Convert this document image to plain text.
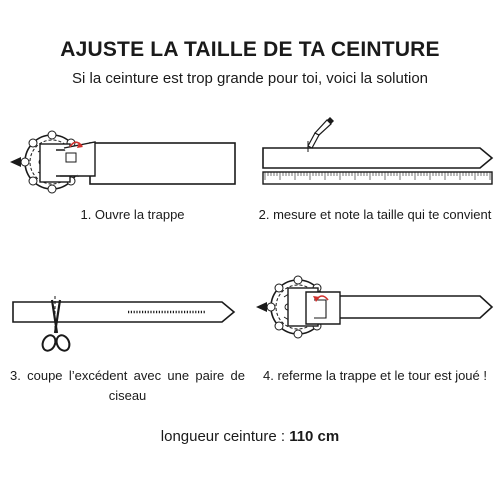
AJUSTE LA TAILLE DE TA CEINTURE
Si la ceinture est trop grande pour toi, voici la solution
1. Ouvre la trappe	2. mesure et note la taille qui te convient
3. coupe l’excédent avec une paire de ciseau
4. referme la trappe et le tour est joué !
longueur ceinture : 110 cm
